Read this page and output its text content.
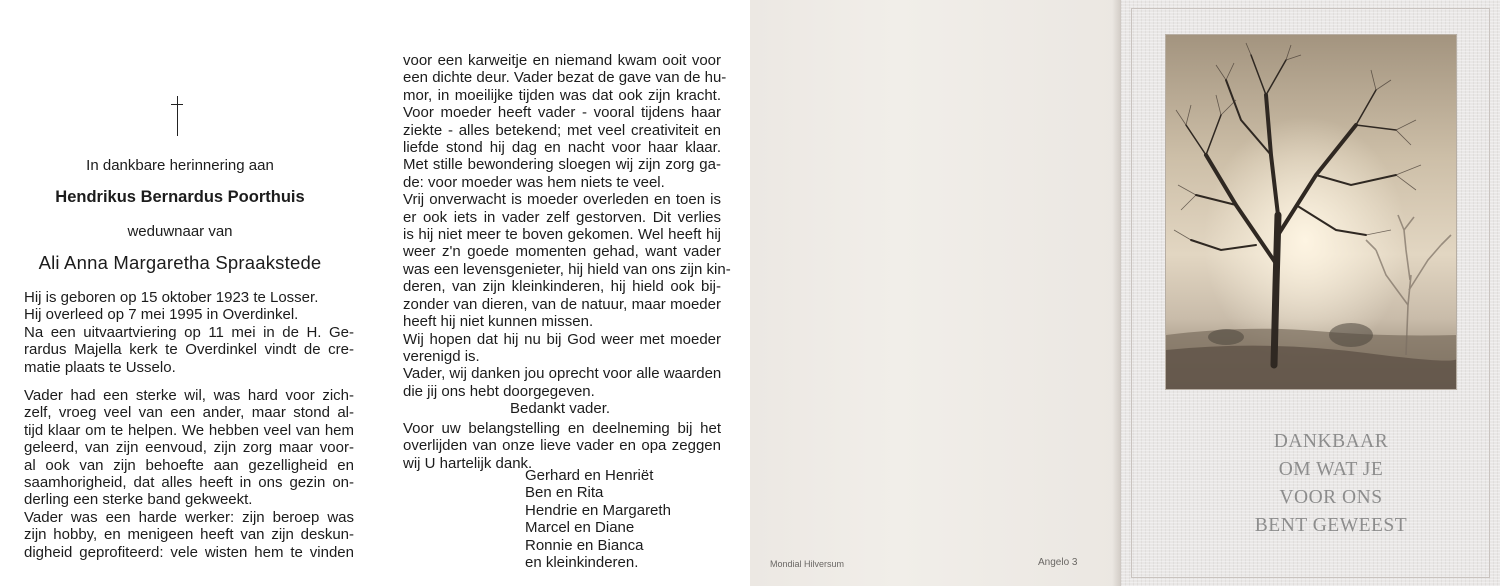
In dankbare herinnering aan
Hendrikus Bernardus Poorthuis
weduwnaar van
Ali Anna Margaretha Spraakstede
Hij is geboren op 15 oktober 1923 te Losser.
Hij overleed op 7 mei 1995 in Overdinkel.
Na een uitvaartviering op 11 mei in de H. Ge-
rardus Majella kerk te Overdinkel vindt de cre-
matie plaats te Usselo.
Vader had een sterke wil, was hard voor zich-
zelf, vroeg veel van een ander, maar stond al-
tijd klaar om te helpen. We hebben veel van hem
geleerd, van zijn eenvoud, zijn zorg maar voor-
al ook van zijn behoefte aan gezelligheid en
saamhorigheid, dat alles heeft in ons gezin on-
derling een sterke band gekweekt.
Vader was een harde werker: zijn beroep was
zijn hobby, en menigeen heeft van zijn deskun-
digheid geprofiteerd: vele wisten hem te vinden
voor een karweitje en niemand kwam ooit voor
een dichte deur. Vader bezat de gave van de hu-
mor, in moeilijke tijden was dat ook zijn kracht.
Voor moeder heeft vader - vooral tijdens haar
ziekte - alles betekend; met veel creativiteit en
liefde stond hij dag en nacht voor haar klaar.
Met stille bewondering sloegen wij zijn zorg ga-
de: voor moeder was hem niets te veel.
Vrij onverwacht is moeder overleden en toen is
er ook iets in vader zelf gestorven. Dit verlies
is hij niet meer te boven gekomen. Wel heeft hij
weer z'n goede momenten gehad, want vader
was een levensgenieter, hij hield van ons zijn kin-
deren, van zijn kleinkinderen, hij hield ook bij-
zonder van dieren, van de natuur, maar moeder
heeft hij niet kunnen missen.
Wij hopen dat hij nu bij God weer met moeder
verenigd is.
Vader, wij danken jou oprecht voor alle waarden
die jij ons hebt doorgegeven.
Bedankt vader.
Voor uw belangstelling en deelneming bij het
overlijden van onze lieve vader en opa zeggen
wij U hartelijk dank.
Gerhard en Henriët
Ben en Rita
Hendrie en Margareth
Marcel en Diane
Ronnie en Bianca
en kleinkinderen.	Mondial Hilversum	Angelo 3
DANKBAAR
OM WAT JE
VOOR ONS
BENT GEWEEST
